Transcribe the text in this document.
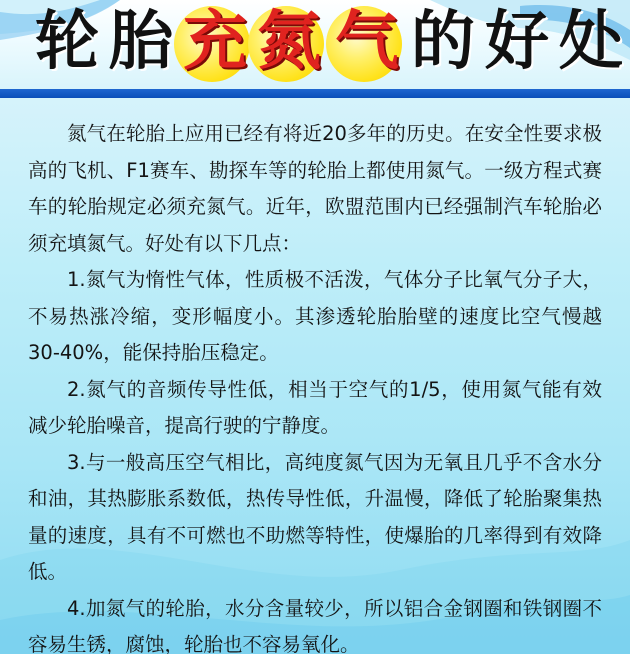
轮 胎 充 氮 气 的 好 处

氮气在轮胎上应用已经有将近20多年的历史。在安全性要求极高的飞机、F1赛车、勘探车等的轮胎上都使用氮气。一级方程式赛车的轮胎规定必须充氮气。近年，欧盟范围内已经强制汽车轮胎必须充填氮气。好处有以下几点：

1.氮气为惰性气体，性质极不活泼，气体分子比氧气分子大，不易热涨冷缩，变形幅度小。其渗透轮胎胎壁的速度比空气慢越30-40%，能保持胎压稳定。

2.氮气的音频传导性低，相当于空气的1/5，使用氮气能有效减少轮胎噪音，提高行驶的宁静度。

3.与一般高压空气相比，高纯度氮气因为无氧且几乎不含水分和油，其热膨胀系数低，热传导性低，升温慢，降低了轮胎聚集热量的速度，具有不可燃也不助燃等特性，使爆胎的几率得到有效降低。

4.加氮气的轮胎，水分含量较少，所以铝合金钢圈和铁钢圈不容易生锈，腐蚀，轮胎也不容易氧化。
